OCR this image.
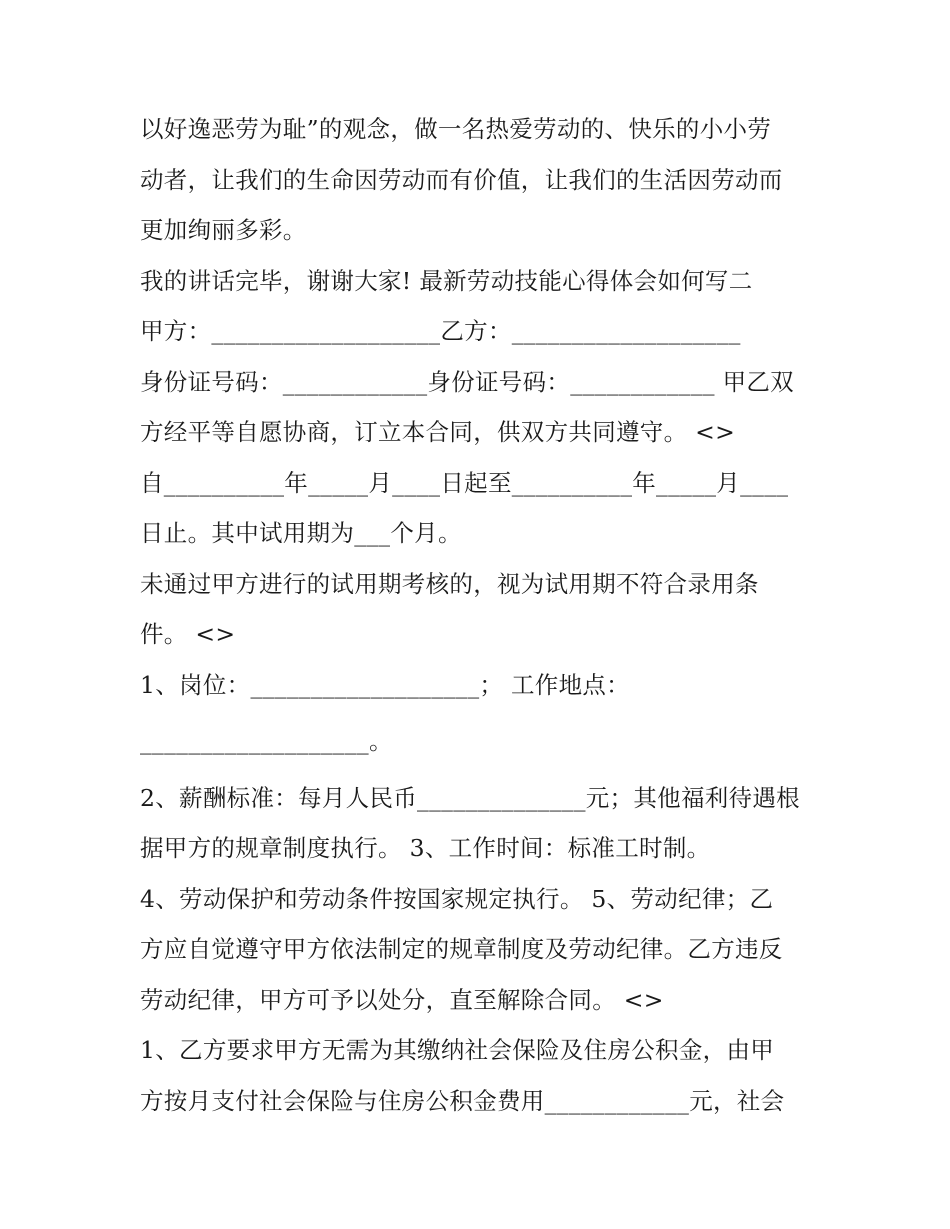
以好逸恶劳为耻”的观念，做一名热爱劳动的、快乐的小小劳
动者，让我们的生命因劳动而有价值，让我们的生活因劳动而
更加绚丽多彩。
我的讲话完毕，谢谢大家! 最新劳动技能心得体会如何写二
甲方：___________________乙方：___________________
身份证号码：____________身份证号码：____________ 甲乙双
方经平等自愿协商，订立本合同，供双方共同遵守。 <>
自__________年_____月____日起至__________年_____月____
日止。其中试用期为___个月。
未通过甲方进行的试用期考核的，视为试用期不符合录用条
件。 <>
1、岗位：___________________； 工作地点：
___________________。
2、薪酬标准：每月人民币______________元；其他福利待遇根
据甲方的规章制度执行。 3、工作时间：标准工时制。
4、劳动保护和劳动条件按国家规定执行。 5、劳动纪律；乙
方应自觉遵守甲方依法制定的规章制度及劳动纪律。乙方违反
劳动纪律，甲方可予以处分，直至解除合同。 <>
1、乙方要求甲方无需为其缴纳社会保险及住房公积金，由甲
方按月支付社会保险与住房公积金费用____________元，社会
